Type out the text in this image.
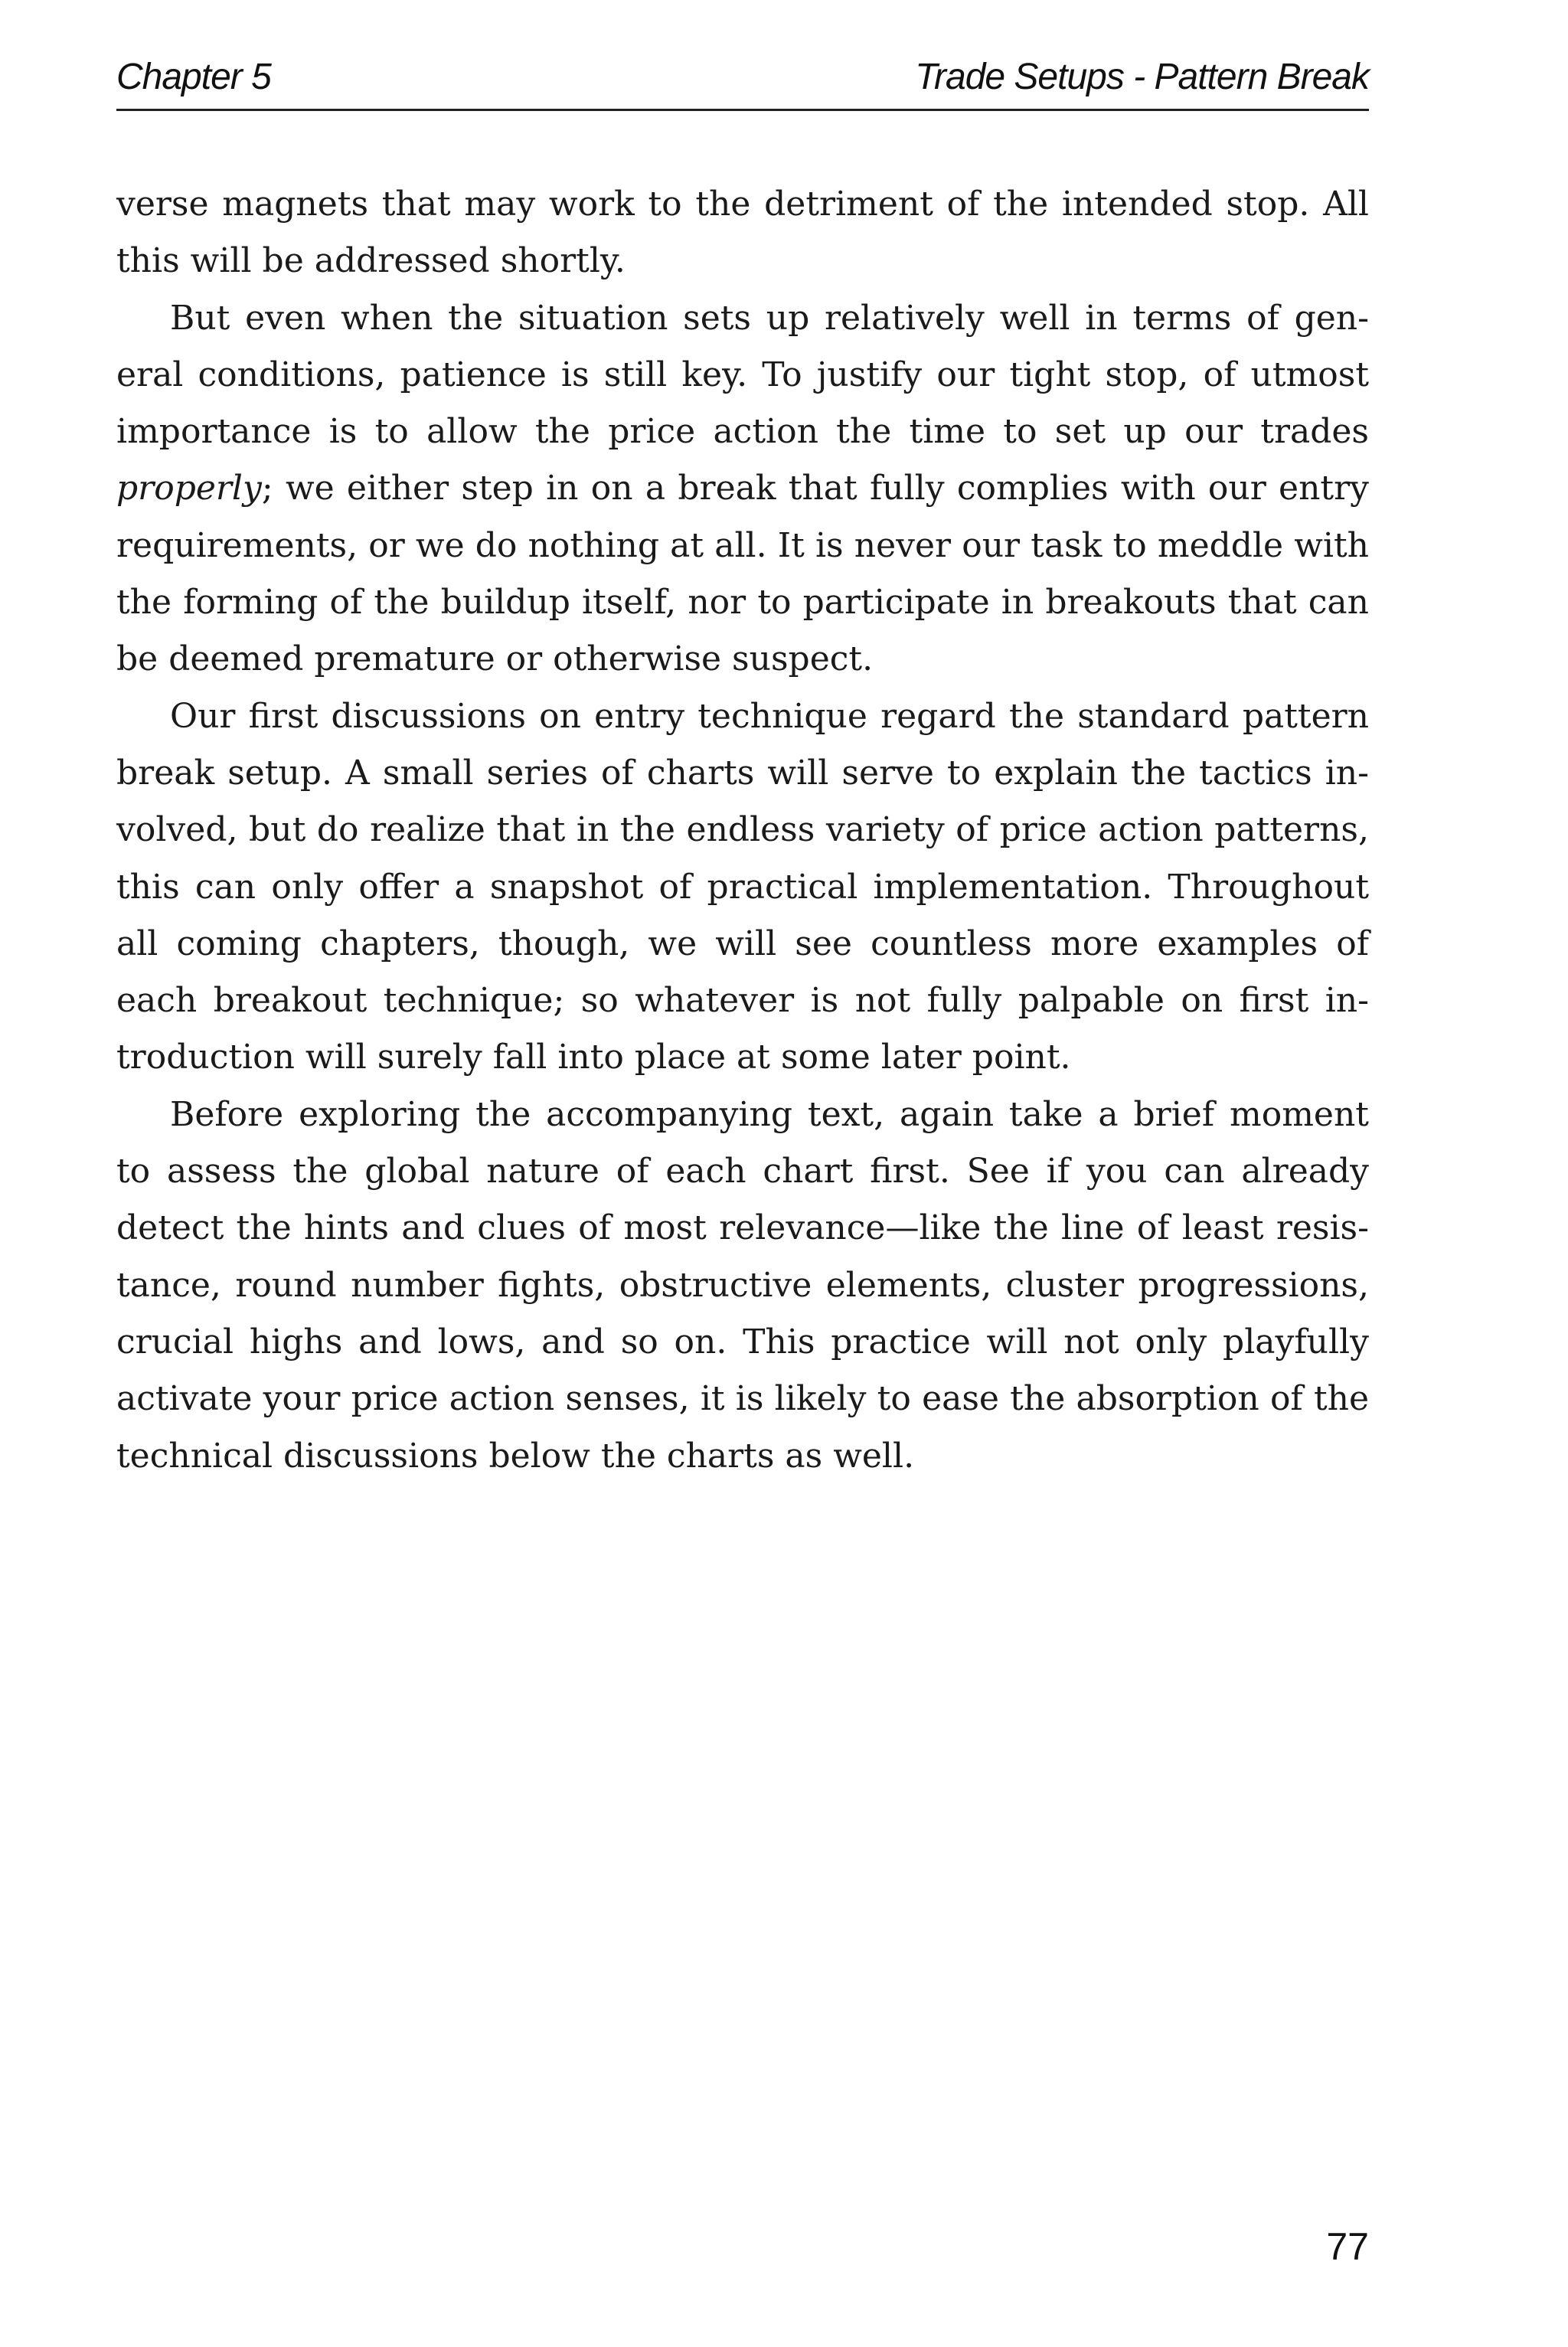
Chapter 5	Trade Setups - Pattern Break

verse magnets that may work to the detriment of the intended stop. All this will be addressed shortly.

But even when the situation sets up relatively well in terms of general conditions, patience is still key. To justify our tight stop, of utmost importance is to allow the price action the time to set up our trades properly; we either step in on a break that fully complies with our entry requirements, or we do nothing at all. It is never our task to meddle with the forming of the buildup itself, nor to participate in breakouts that can be deemed premature or otherwise suspect.

Our first discussions on entry technique regard the standard pattern break setup. A small series of charts will serve to explain the tactics involved, but do realize that in the endless variety of price action patterns, this can only offer a snapshot of practical implementation. Throughout all coming chapters, though, we will see countless more examples of each breakout technique; so whatever is not fully palpable on first introduction will surely fall into place at some later point.

Before exploring the accompanying text, again take a brief moment to assess the global nature of each chart first. See if you can already detect the hints and clues of most relevance—like the line of least resistance, round number fights, obstructive elements, cluster progressions, crucial highs and lows, and so on. This practice will not only playfully activate your price action senses, it is likely to ease the absorption of the technical discussions below the charts as well.

77
